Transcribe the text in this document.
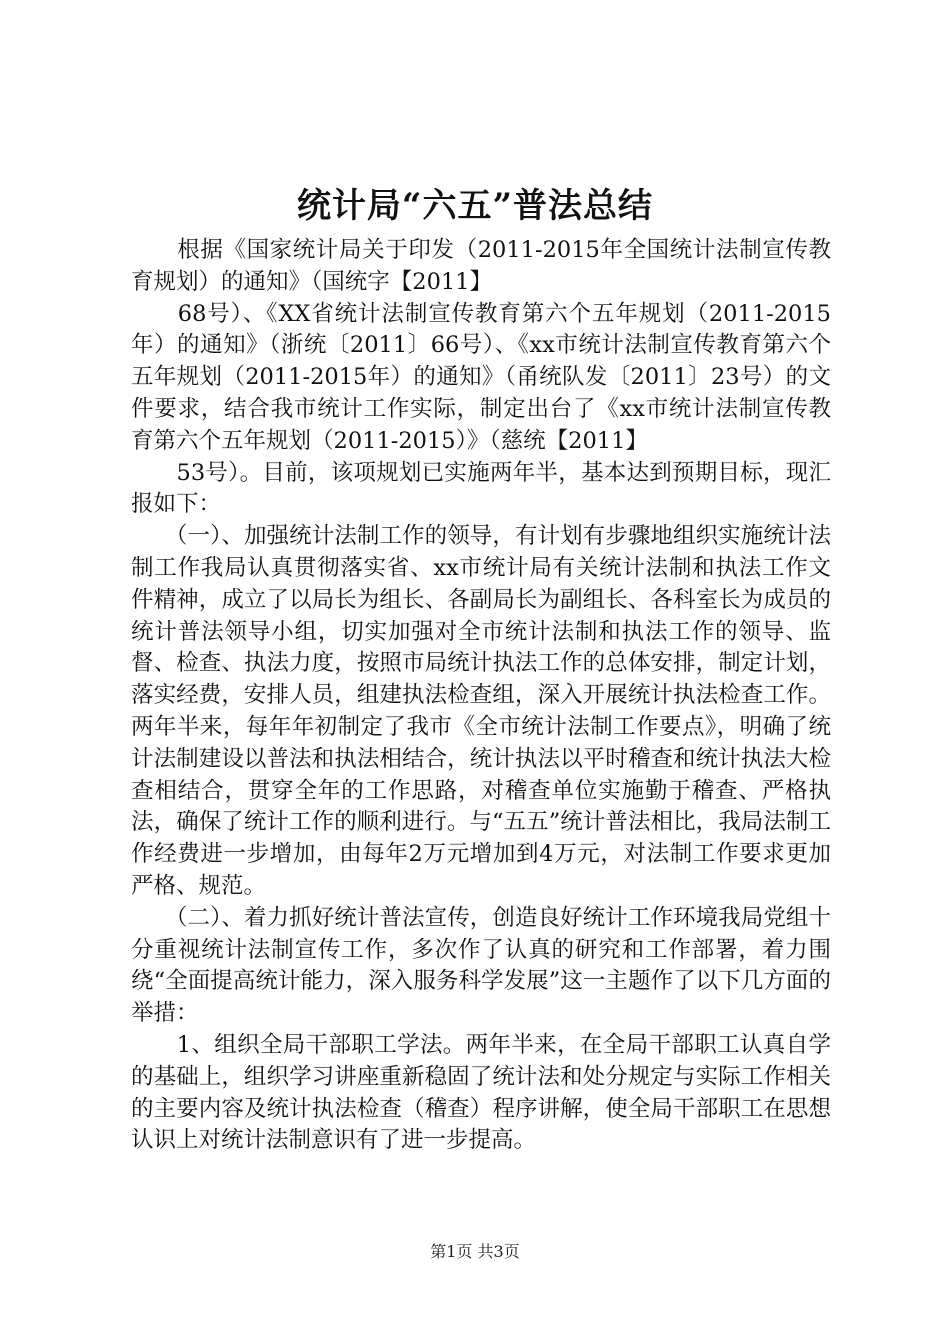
统计局“六五”普法总结

　　根据《国家统计局关于印发（2011-2015年全国统计法制宣传教育规划）的通知》（国统字【2011】

　　68号）、《XX省统计法制宣传教育第六个五年规划（2011-2015年）的通知》（浙统〔2011〕66号）、《xx市统计法制宣传教育第六个五年规划（2011-2015年）的通知》（甬统队发〔2011〕23号）的文件要求，结合我市统计工作实际，制定出台了《xx市统计法制宣传教育第六个五年规划（2011-2015）》（慈统【2011】

　　53号）。目前，该项规划已实施两年半，基本达到预期目标，现汇报如下：

　　（一）、加强统计法制工作的领导，有计划有步骤地组织实施统计法制工作我局认真贯彻落实省、xx市统计局有关统计法制和执法工作文件精神，成立了以局长为组长、各副局长为副组长、各科室长为成员的统计普法领导小组，切实加强对全市统计法制和执法工作的领导、监督、检查、执法力度，按照市局统计执法工作的总体安排，制定计划，落实经费，安排人员，组建执法检查组，深入开展统计执法检查工作。两年半来，每年年初制定了我市《全市统计法制工作要点》，明确了统计法制建设以普法和执法相结合，统计执法以平时稽查和统计执法大检查相结合，贯穿全年的工作思路，对稽查单位实施勤于稽查、严格执法，确保了统计工作的顺利进行。与“五五”统计普法相比，我局法制工作经费进一步增加，由每年2万元增加到4万元，对法制工作要求更加严格、规范。

　　（二）、着力抓好统计普法宣传，创造良好统计工作环境我局党组十分重视统计法制宣传工作，多次作了认真的研究和工作部署，着力围绕“全面提高统计能力，深入服务科学发展”这一主题作了以下几方面的举措：

　　1、组织全局干部职工学法。两年半来，在全局干部职工认真自学的基础上，组织学习讲座重新稳固了统计法和处分规定与实际工作相关的主要内容及统计执法检查（稽查）程序讲解，使全局干部职工在思想认识上对统计法制意识有了进一步提高。

第1页 共3页
